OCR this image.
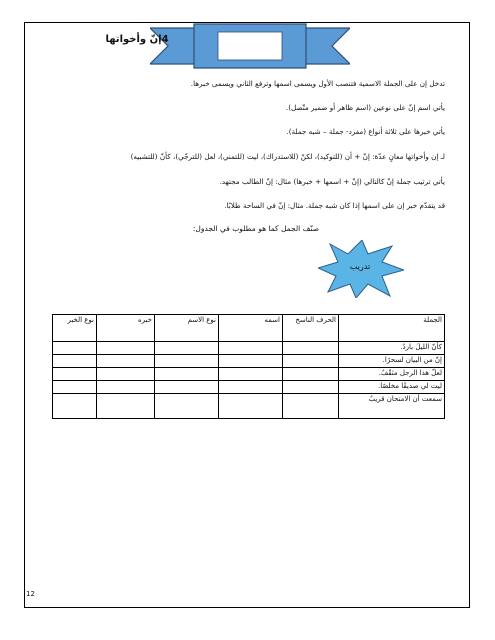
4إنّ وأخواتها
تدخل إن على الجملة الاسمية فتنصب الأول ويسمى اسمها وترفع الثاني ويسمى خبرها.
يأتي اسم إنّ على نوعين (اسم ظاهر أو ضمير متّصل).
يأتي خبرها على ثلاثة أنواع (مفرد- جملة – شبه جملة).
لـ إن وأخواتها معانٍ عدّة: إنّ + أن (للتوكيد)، لكنّ (للاستدراك)، ليت (للتمني)، لعل (للترجّي)، كأنّ (للتشبيه)
يأتي ترتيب جملة إنّ كالتالي (إنّ + اسمها + خبرها) مثال: إنّ الطالب مجتهد.
قد يتقدّم خبر إن على اسمها إذا كان شبه جملة. مثال: إنّ في الساحة طلابًا.
صنّف الجمل كما هو مطلوب في الجدول:
تدريب
الجملة	الحرف الناسخ	اسمه	نوع الاسم	خبره	نوع الخبر
كأنّ الليلَ باردٌ.					
إنّ من البيان لسحرًا.					
لعلّ هذا الرجل مثقّفٌ.					
ليت لي صديقًا مخلصًا.					
سمعت أن الامتحان قريبٌ					
12
